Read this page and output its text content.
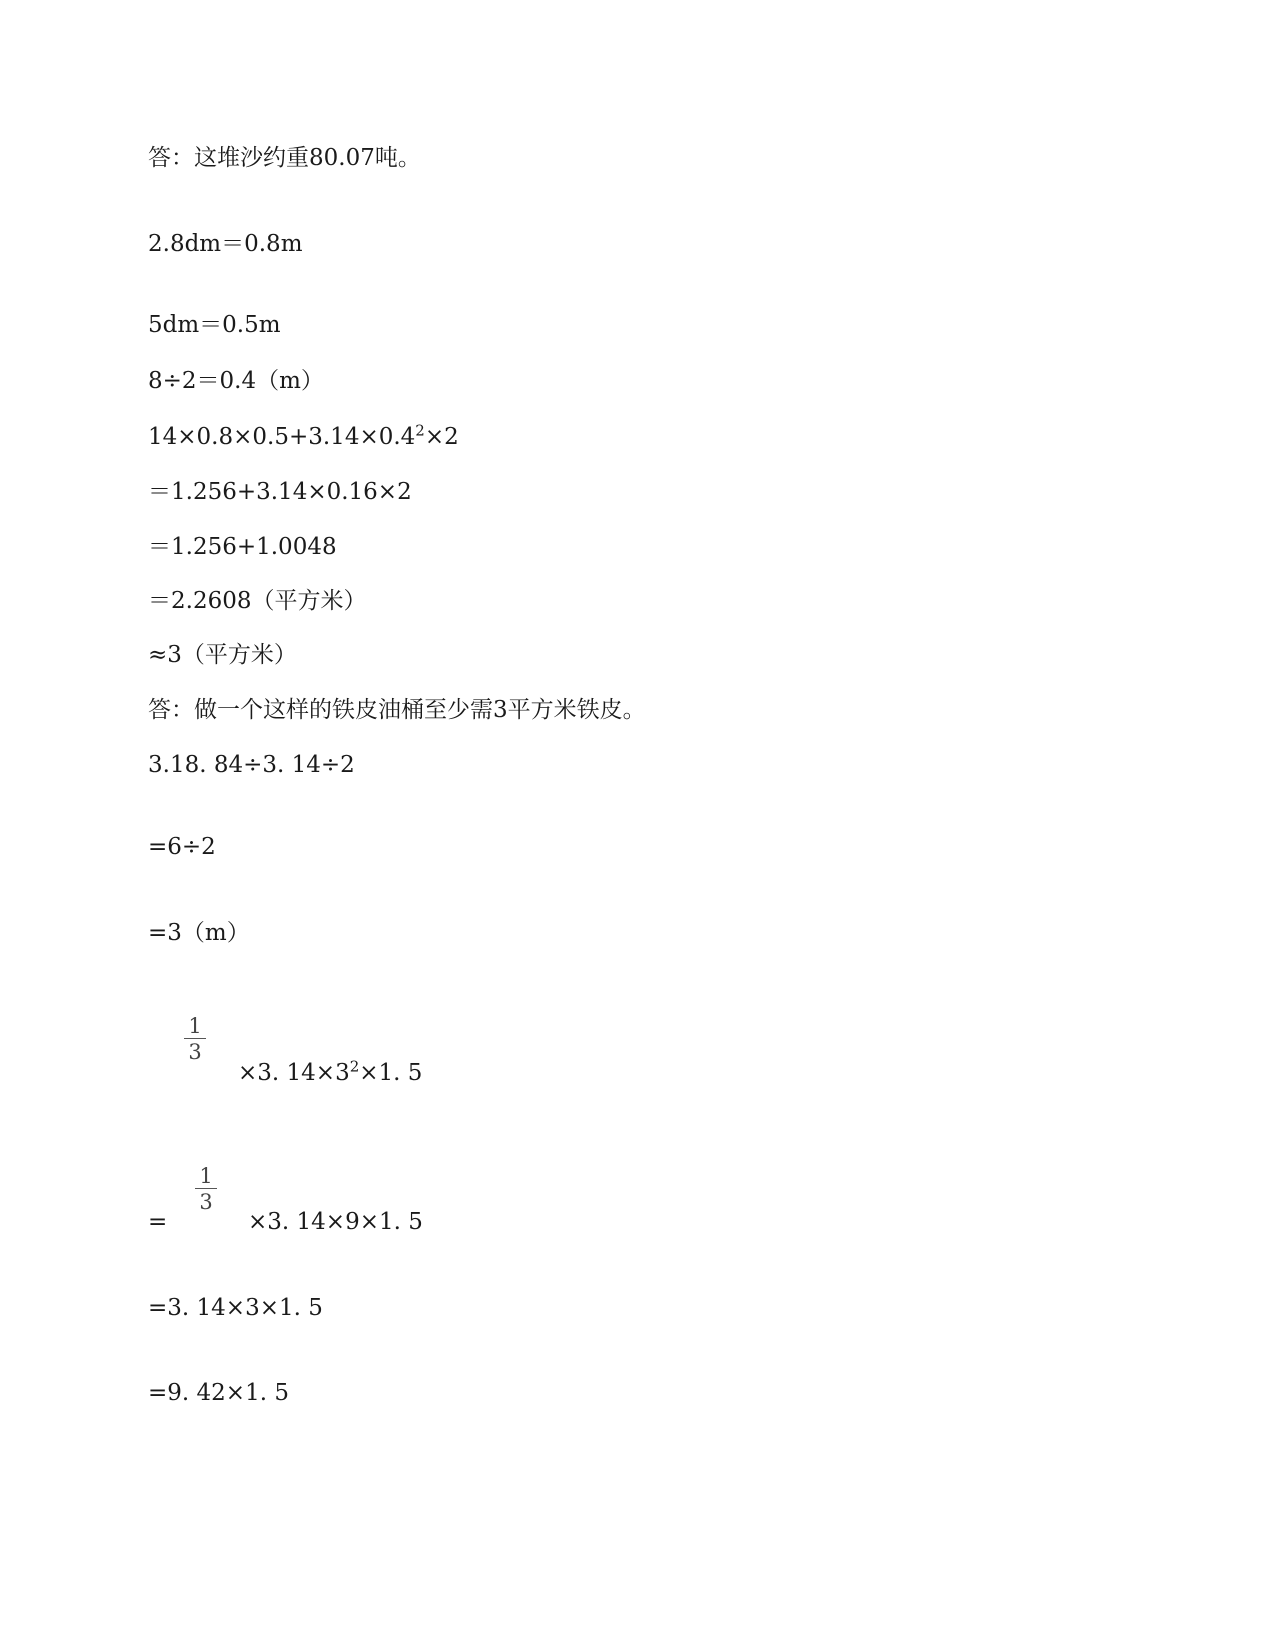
答：这堆沙约重80.07吨。
2.8dm＝0.8m
5dm＝0.5m
8÷2＝0.4（m）
$14\times 0.8\times 0.5+3.14\times 0.4^2\times 2$
＝1.256+3.14×0.16×2
＝1.256+1.0048
＝2.2608（平方米）
≈3（平方米）
答：做一个这样的铁皮油桶至少需3平方米铁皮。
3.18. 84÷3. 14÷2
=6÷2
=3（m）
1
3
×3. $14\times 3^2\times 1$. 5
1
3
=	×3. 14×9×1. 5
=3. 14×3×1. 5
=9. 42×1. 5
